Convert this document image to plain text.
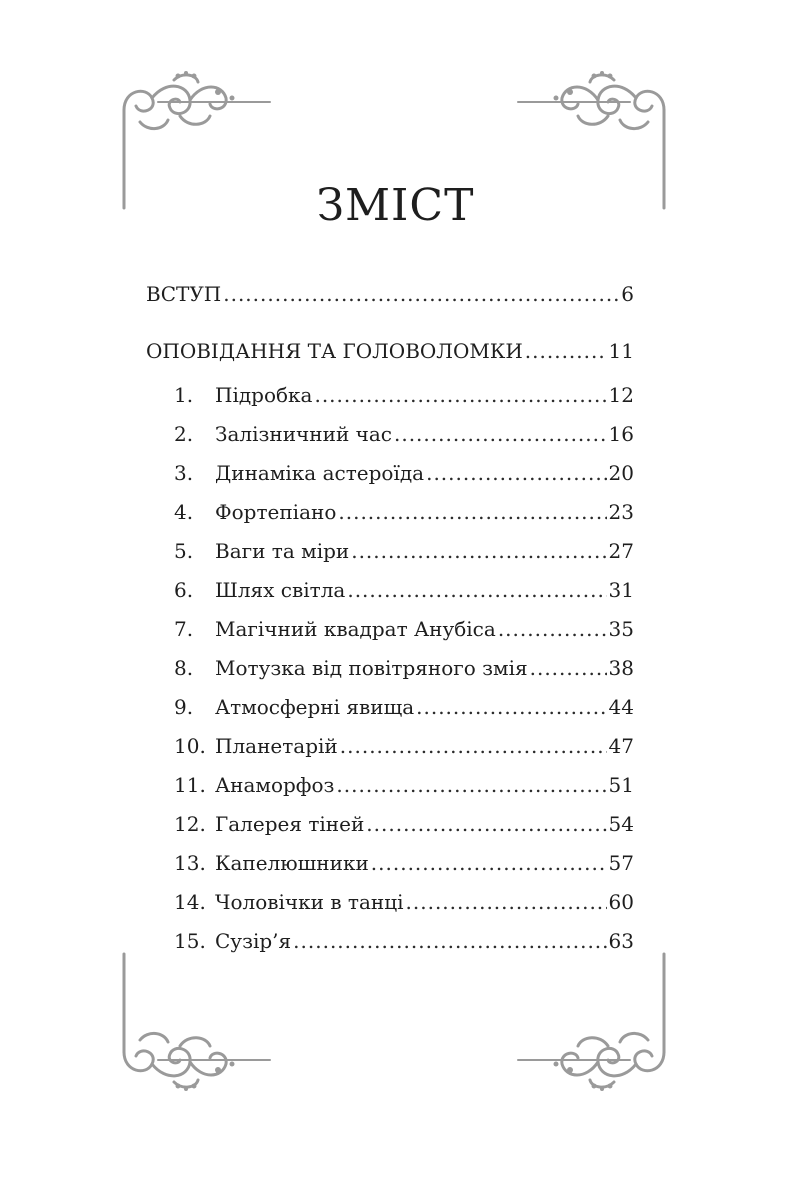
ЗМІСТ
ВСТУП .....	6
ОПОВІДАННЯ ТА ГОЛОВОЛОМКИ .....	11
1.	Підробка .....	12
2.	Залізничний час .....	16
3.	Динаміка астероїда .....	20
4.	Фортепіано .....	23
5.	Ваги та міри .....	27
6.	Шлях світла .....	31
7.	Магічний квадрат Анубіса .....	35
8.	Мотузка від повітряного змія .....	38
9.	Атмосферні явища .....	44
10. Планетарій .....	47
11. Анаморфоз .....	51
12. Галерея тіней .....	54
13. Капелюшники .....	57
14. Чоловічки в танці .....	60
15. Сузір’я .....	63
